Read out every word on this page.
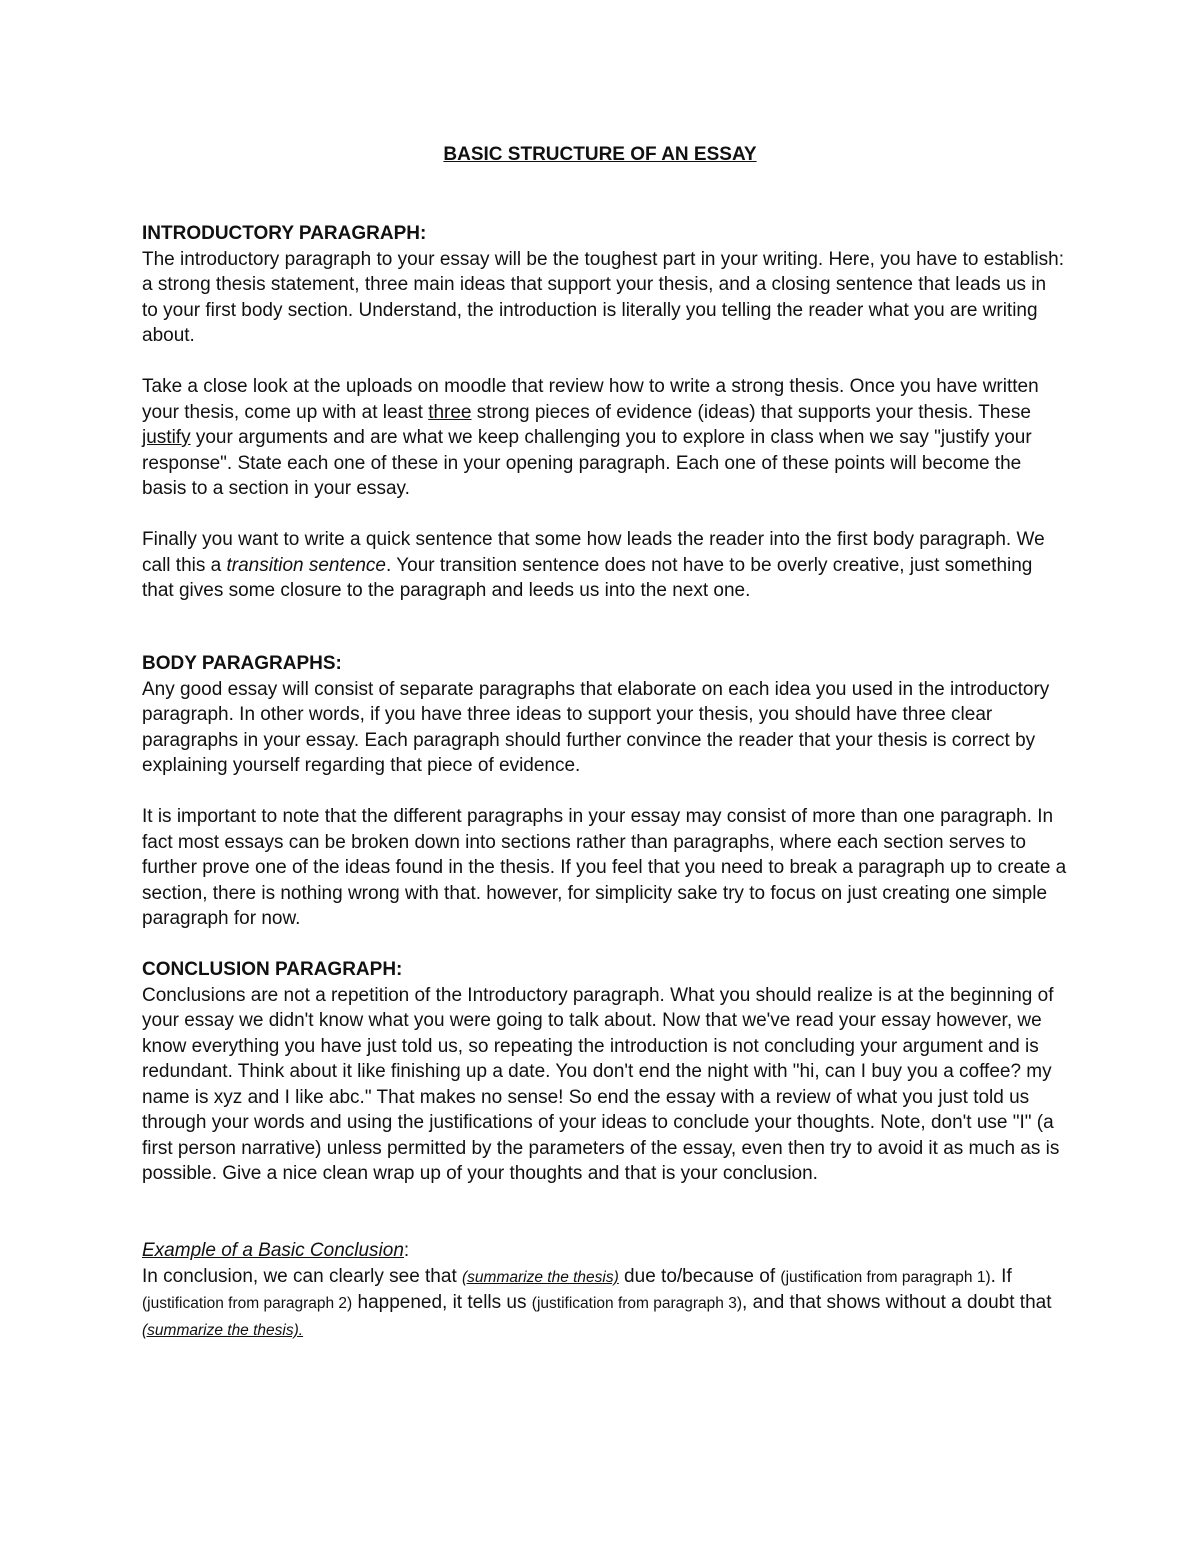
BASIC STRUCTURE OF AN ESSAY
INTRODUCTORY PARAGRAPH:

The introductory paragraph to your essay will be the toughest part in your writing. Here, you have to establish: a strong thesis statement, three main ideas that support your thesis, and a closing sentence that leads us in to your first body section. Understand, the introduction is literally you telling the reader what you are writing about.

Take a close look at the uploads on moodle that review how to write a strong thesis. Once you have written your thesis, come up with at least three strong pieces of evidence (ideas) that supports your thesis. These justify your arguments and are what we keep challenging you to explore in class when we say "justify your response". State each one of these in your opening paragraph. Each one of these points will become the basis to a section in your essay.

Finally you want to write a quick sentence that some how leads the reader into the first body paragraph. We call this a transition sentence. Your transition sentence does not have to be overly creative, just something that gives some closure to the paragraph and leeds us into the next one.

BODY PARAGRAPHS:

Any good essay will consist of separate paragraphs that elaborate on each idea you used in the introductory paragraph. In other words, if you have three ideas to support your thesis, you should have three clear paragraphs in your essay. Each paragraph should further convince the reader that your thesis is correct by explaining yourself regarding that piece of evidence.

It is important to note that the different paragraphs in your essay may consist of more than one paragraph. In fact most essays can be broken down into sections rather than paragraphs, where each section serves to further prove one of the ideas found in the thesis. If you feel that you need to break a paragraph up to create a section, there is nothing wrong with that. however, for simplicity sake try to focus on just creating one simple paragraph for now.

CONCLUSION PARAGRAPH:

Conclusions are not a repetition of the Introductory paragraph. What you should realize is at the beginning of your essay we didn't know what you were going to talk about. Now that we've read your essay however, we know everything you have just told us, so repeating the introduction is not concluding your argument and is redundant. Think about it like finishing up a date. You don't end the night with "hi, can I buy you a coffee? my name is xyz and I like abc." That makes no sense! So end the essay with a review of what you just told us through your words and using the justifications of your ideas to conclude your thoughts. Note, don't use "I" (a first person narrative) unless permitted by the parameters of the essay, even then try to avoid it as much as is possible. Give a nice clean wrap up of your thoughts and that is your conclusion.

Example of a Basic Conclusion:

In conclusion, we can clearly see that (summarize the thesis) due to/because of (justification from paragraph 1). If (justification from paragraph 2) happened, it tells us (justification from paragraph 3), and that shows without a doubt that (summarize the thesis).
